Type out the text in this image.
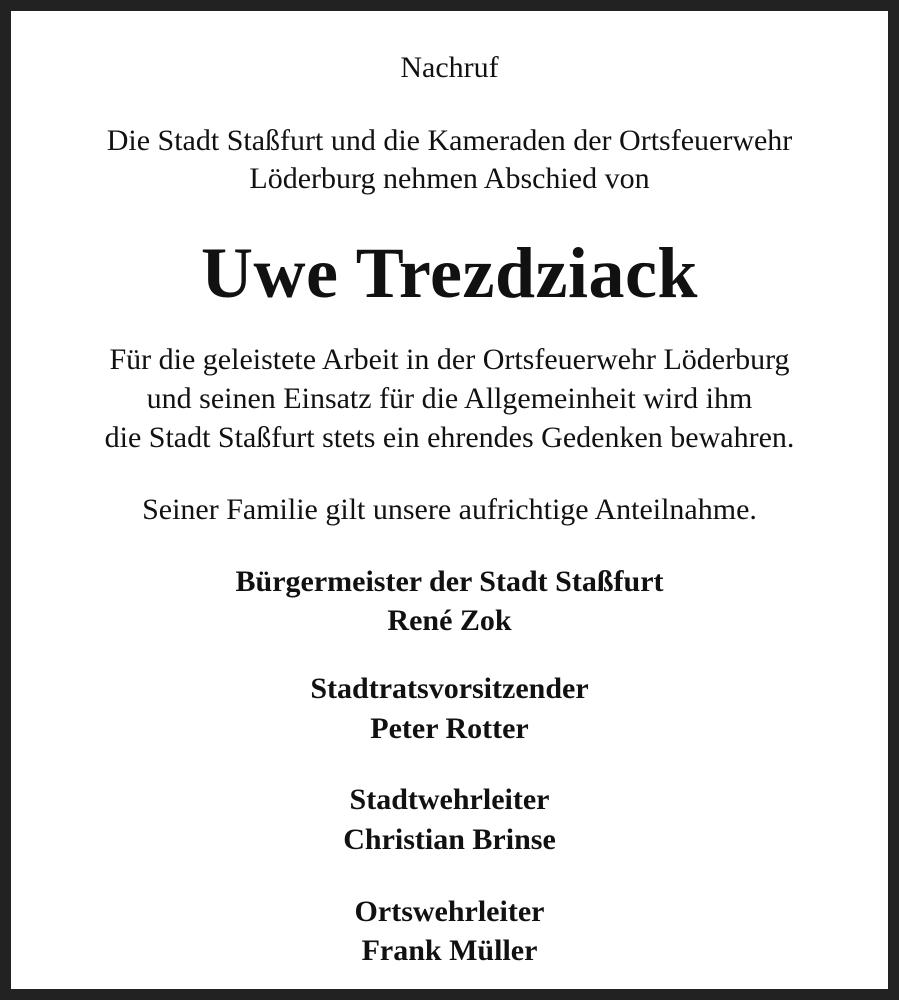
Nachruf
Die Stadt Staßfurt und die Kameraden der Ortsfeuerwehr
Löderburg nehmen Abschied von
Uwe Trezdziack
Für die geleistete Arbeit in der Ortsfeuerwehr Löderburg
und seinen Einsatz für die Allgemeinheit wird ihm
die Stadt Staßfurt stets ein ehrendes Gedenken bewahren.
Seiner Familie gilt unsere aufrichtige Anteilnahme.
Bürgermeister der Stadt Staßfurt
René Zok
Stadtratsvorsitzender
Peter Rotter
Stadtwehrleiter
Christian Brinse
Ortswehrleiter
Frank Müller
